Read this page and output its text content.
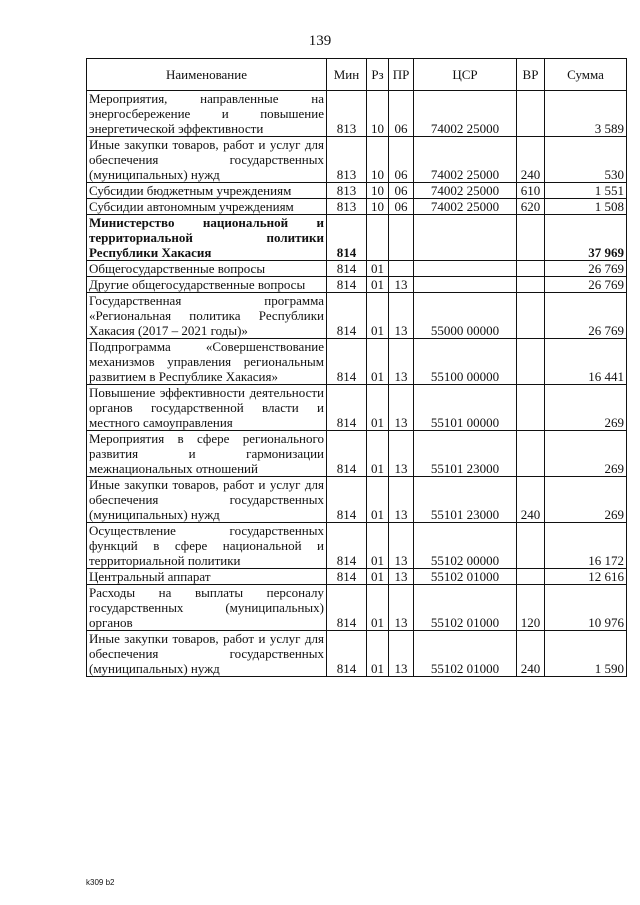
139
Наименование	Мин	Рз	ПР	ЦСР	ВР	Сумма
Мероприятия, направленные на энергосбережение и повышение энергетической эффективности	813	10	06	74002 25000		3 589
Иные закупки товаров, работ и услуг для обеспечения государственных (муниципальных) нужд	813	10	06	74002 25000	240	530
Субсидии бюджетным учреждениям	813	10	06	74002 25000	610	1 551
Субсидии автономным учреждениям	813	10	06	74002 25000	620	1 508
Министерство национальной и территориальной политики Республики Хакасия	814					37 969
Общегосударственные вопросы	814	01				26 769
Другие общегосударственные вопросы	814	01	13			26 769
Государственная программа «Региональная политика Республики Хакасия (2017 – 2021 годы)»	814	01	13	55000 00000		26 769
Подпрограмма «Совершенствование механизмов управления региональным развитием в Республике Хакасия»	814	01	13	55100 00000		16 441
Повышение эффективности деятельности органов государственной власти и местного самоуправления	814	01	13	55101 00000		269
Мероприятия в сфере регионального развития и гармонизации межнациональных отношений	814	01	13	55101 23000		269
Иные закупки товаров, работ и услуг для обеспечения государственных (муниципальных) нужд	814	01	13	55101 23000	240	269
Осуществление государственных функций в сфере национальной и территориальной политики	814	01	13	55102 00000		16 172
Центральный аппарат	814	01	13	55102 01000		12 616
Расходы на выплаты персоналу государственных (муниципальных) органов	814	01	13	55102 01000	120	10 976
Иные закупки товаров, работ и услуг для обеспечения государственных (муниципальных) нужд	814	01	13	55102 01000	240	1 590
k309 b2
